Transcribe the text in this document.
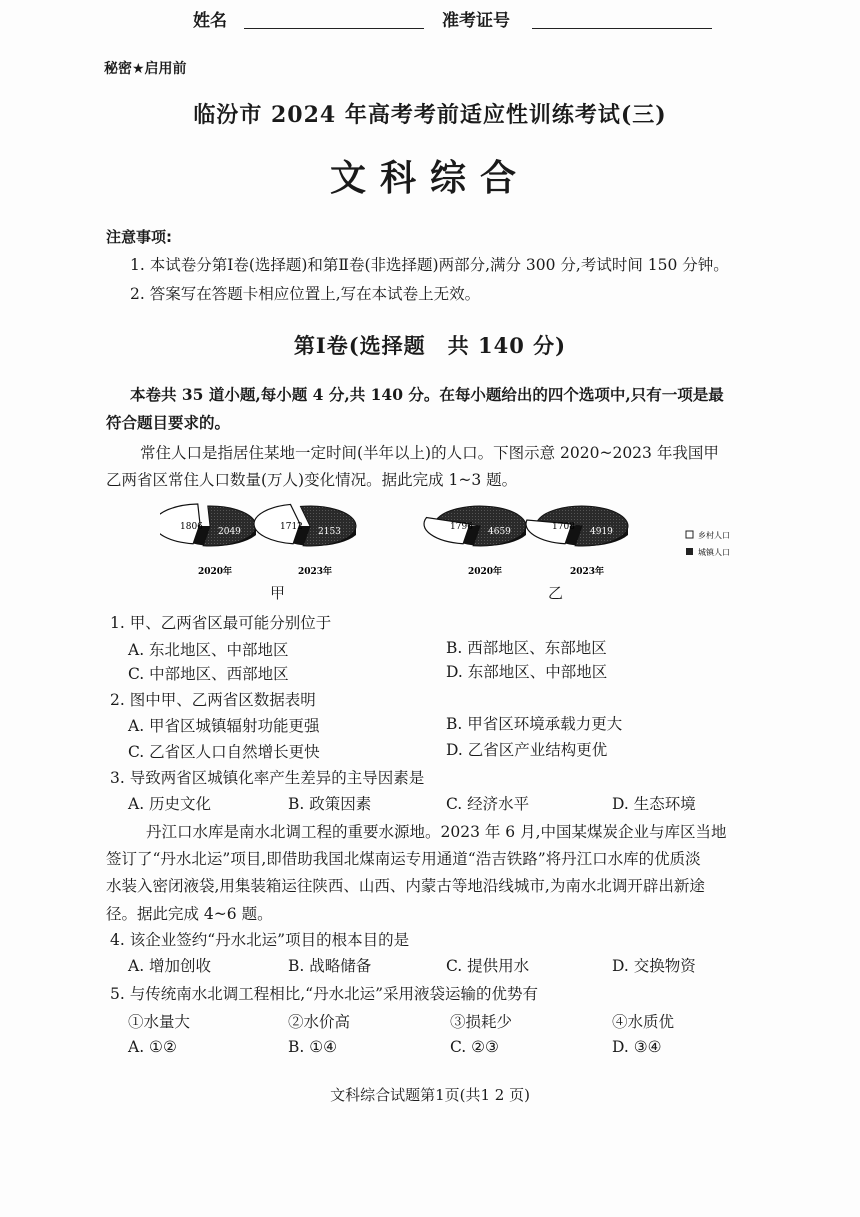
姓名	准考证号
秘密★启用前
临汾市 2024 年高考考前适应性训练考试(三)
文科综合
注意事项:
1. 本试卷分第Ⅰ卷(选择题)和第Ⅱ卷(非选择题)两部分,满分 300 分,考试时间 150 分钟。
2. 答案写在答题卡相应位置上,写在本试卷上无效。
第Ⅰ卷(选择题　共 140 分)
本卷共 35 道小题,每小题 4 分,共 140 分。在每小题给出的四个选项中,只有一项是最
符合题目要求的。
常住人口是指居住某地一定时间(半年以上)的人口。下图示意 2020~2023 年我国甲
乙两省区常住人口数量(万人)变化情况。据此完成 1~3 题。
1806 2049
2020年
1712 2153
2023年
1796 4659
2020年
1708 4919
2023年
乡村人口
城镇人口
甲	乙
1. 甲、乙两省区最可能分别位于
A. 东北地区、中部地区	B. 西部地区、东部地区
C. 中部地区、西部地区	D. 东部地区、中部地区
2. 图中甲、乙两省区数据表明
A. 甲省区城镇辐射功能更强	B. 甲省区环境承载力更大
C. 乙省区人口自然增长更快	D. 乙省区产业结构更优
3. 导致两省区城镇化率产生差异的主导因素是
A. 历史文化	B. 政策因素	C. 经济水平	D. 生态环境
丹江口水库是南水北调工程的重要水源地。2023 年 6 月,中国某煤炭企业与库区当地
签订了“丹水北运”项目,即借助我国北煤南运专用通道“浩吉铁路”将丹江口水库的优质淡
水装入密闭液袋,用集装箱运往陕西、山西、内蒙古等地沿线城市,为南水北调开辟出新途
径。据此完成 4~6 题。
4. 该企业签约“丹水北运”项目的根本目的是
A. 增加创收	B. 战略储备	C. 提供用水	D. 交换物资
5. 与传统南水北调工程相比,“丹水北运”采用液袋运输的优势有
①水量大	②水价高	③损耗少	④水质优
A. ①②	B. ①④	C. ②③	D. ③④
文科综合试题第1页(共1 2 页)
